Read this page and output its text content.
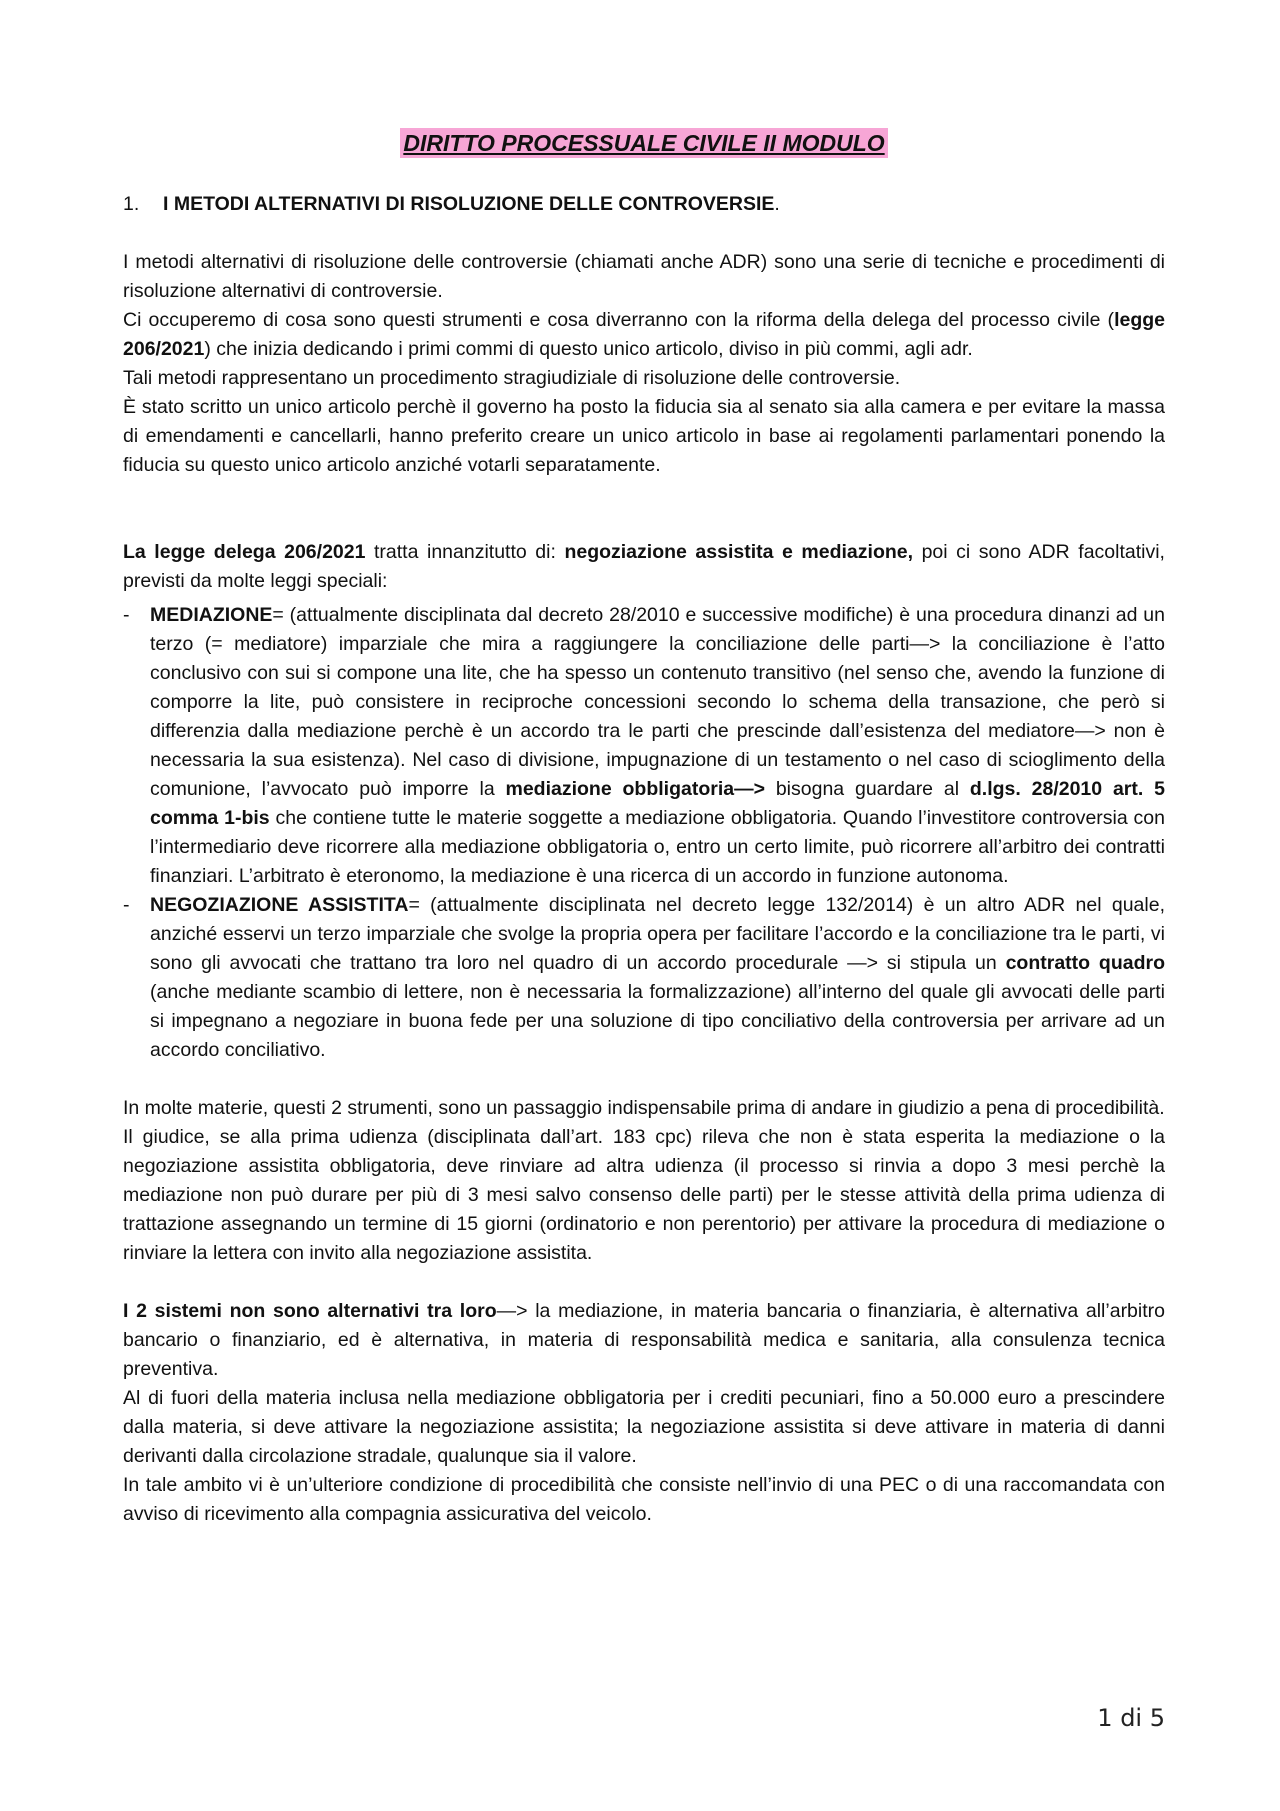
DIRITTO PROCESSUALE CIVILE II MODULO
1. I METODI ALTERNATIVI DI RISOLUZIONE DELLE CONTROVERSIE.

I metodi alternativi di risoluzione delle controversie (chiamati anche ADR) sono una serie di tecniche e procedimenti di risoluzione alternativi di controversie.

Ci occuperemo di cosa sono questi strumenti e cosa diverranno con la riforma della delega del processo civile (legge 206/2021) che inizia dedicando i primi commi di questo unico articolo, diviso in più commi, agli adr.

Tali metodi rappresentano un procedimento stragiudiziale di risoluzione delle controversie.

È stato scritto un unico articolo perchè il governo ha posto la fiducia sia al senato sia alla camera e per evitare la massa di emendamenti e cancellarli, hanno preferito creare un unico articolo in base ai regolamenti parlamentari ponendo la fiducia su questo unico articolo anziché votarli separatamente.

La legge delega 206/2021 tratta innanzitutto di: negoziazione assistita e mediazione, poi ci sono ADR facoltativi, previsti da molte leggi speciali:

- MEDIAZIONE= (attualmente disciplinata dal decreto 28/2010 e successive modifiche) è una procedura dinanzi ad un terzo (= mediatore) imparziale che mira a raggiungere la conciliazione delle parti—> la conciliazione è l’atto conclusivo con sui si compone una lite, che ha spesso un contenuto transitivo (nel senso che, avendo la funzione di comporre la lite, può consistere in reciproche concessioni secondo lo schema della transazione, che però si differenzia dalla mediazione perchè è un accordo tra le parti che prescinde dall’esistenza del mediatore—> non è necessaria la sua esistenza). Nel caso di divisione, impugnazione di un testamento o nel caso di scioglimento della comunione, l’avvocato può imporre la mediazione obbligatoria—> bisogna guardare al d.lgs. 28/2010 art. 5 comma 1-bis che contiene tutte le materie soggette a mediazione obbligatoria. Quando l’investitore controversia con l’intermediario deve ricorrere alla mediazione obbligatoria o, entro un certo limite, può ricorrere all’arbitro dei contratti finanziari. L’arbitrato è eteronomo, la mediazione è una ricerca di un accordo in funzione autonoma.
- NEGOZIAZIONE ASSISTITA= (attualmente disciplinata nel decreto legge 132/2014) è un altro ADR nel quale, anziché esservi un terzo imparziale che svolge la propria opera per facilitare l’accordo e la conciliazione tra le parti, vi sono gli avvocati che trattano tra loro nel quadro di un accordo procedurale —> si stipula un contratto quadro (anche mediante scambio di lettere, non è necessaria la formalizzazione) all’interno del quale gli avvocati delle parti si impegnano a negoziare in buona fede per una soluzione di tipo conciliativo della controversia per arrivare ad un accordo conciliativo.

In molte materie, questi 2 strumenti, sono un passaggio indispensabile prima di andare in giudizio a pena di procedibilità.

Il giudice, se alla prima udienza (disciplinata dall’art. 183 cpc) rileva che non è stata esperita la mediazione o la negoziazione assistita obbligatoria, deve rinviare ad altra udienza (il processo si rinvia a dopo 3 mesi perchè la mediazione non può durare per più di 3 mesi salvo consenso delle parti) per le stesse attività della prima udienza di trattazione assegnando un termine di 15 giorni (ordinatorio e non perentorio) per attivare la procedura di mediazione o rinviare la lettera con invito alla negoziazione assistita.

I 2 sistemi non sono alternativi tra loro—> la mediazione, in materia bancaria o finanziaria, è alternativa all’arbitro bancario o finanziario, ed è alternativa, in materia di responsabilità medica e sanitaria, alla consulenza tecnica preventiva.

Al di fuori della materia inclusa nella mediazione obbligatoria per i crediti pecuniari, fino a 50.000 euro a prescindere dalla materia, si deve attivare la negoziazione assistita; la negoziazione assistita si deve attivare in materia di danni derivanti dalla circolazione stradale, qualunque sia il valore.

In tale ambito vi è un’ulteriore condizione di procedibilità che consiste nell’invio di una PEC o di una raccomandata con avviso di ricevimento alla compagnia assicurativa del veicolo.

1 di 5
